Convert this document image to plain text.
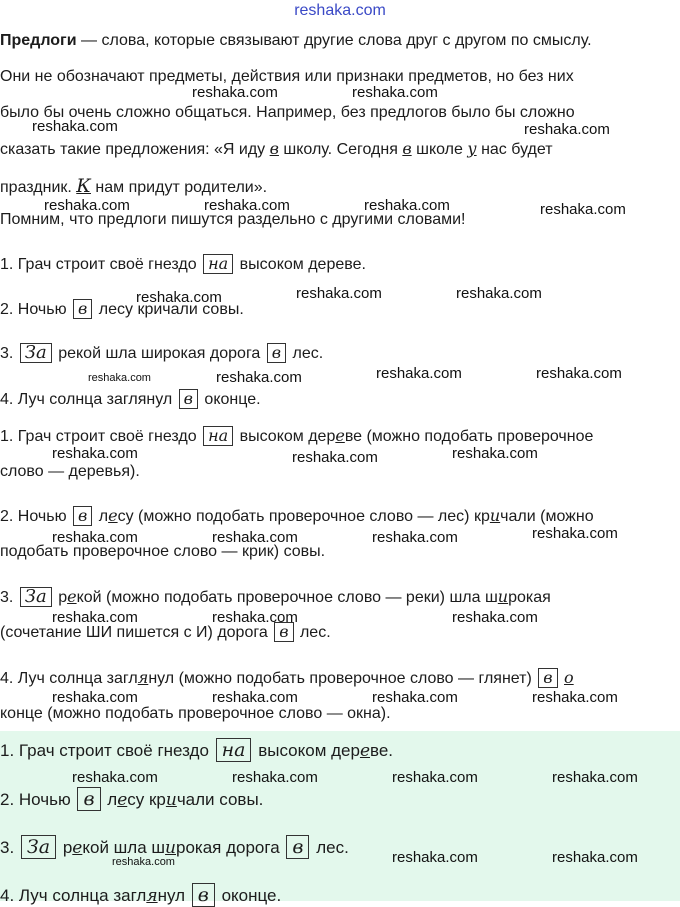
reshaka.com
Предлоги — слова, которые связывают другие слова друг с другом по смыслу.
Они не обозначают предметы, действия или признаки предметов, но без них
было бы очень сложно общаться. Например, без предлогов было бы сложно
сказать такие предложения: «Я иду в школу. Сегодня в школе у нас будет
праздник. К нам придут родители».
Помним, что предлоги пишутся раздельно с другими словами!
1. Грач строит своё гнездо на высоком дереве.
2. Ночью в лесу кричали совы.
3. За рекой шла широкая дорога в лес.
4. Луч солнца заглянул в оконце.
1. Грач строит своё гнездо на высоком дереве (можно подобать проверочное
слово — деревья).
2. Ночью в лесу (можно подобать проверочное слово — лес) кричали (можно
подобать проверочное слово — крик) совы.
3. За рекой (можно подобать проверочное слово — реки) шла широкая
(сочетание ШИ пишется с И) дорога в лес.
4. Луч солнца заглянул (можно подобать проверочное слово — глянет) в о
конце (можно подобать проверочное слово — окна).
1. Грач строит своё гнездо на высоком дереве.
2. Ночью в лесу кричали совы.
3. За рекой шла широкая дорога в лес.
4. Луч солнца заглянул в оконце.
reshaka.com	reshaka.com
reshaka.com	reshaka.com
reshaka.com	reshaka.com	reshaka.com	reshaka.com
reshaka.com	reshaka.com	reshaka.com
reshaka.com	reshaka.com	reshaka.com	reshaka.com
reshaka.com	reshaka.com	reshaka.com
reshaka.com	reshaka.com	reshaka.com	reshaka.com
reshaka.com	reshaka.com	reshaka.com
reshaka.com	reshaka.com	reshaka.com	reshaka.com
reshaka.com	reshaka.com	reshaka.com	reshaka.com
reshaka.com	reshaka.com	reshaka.com
